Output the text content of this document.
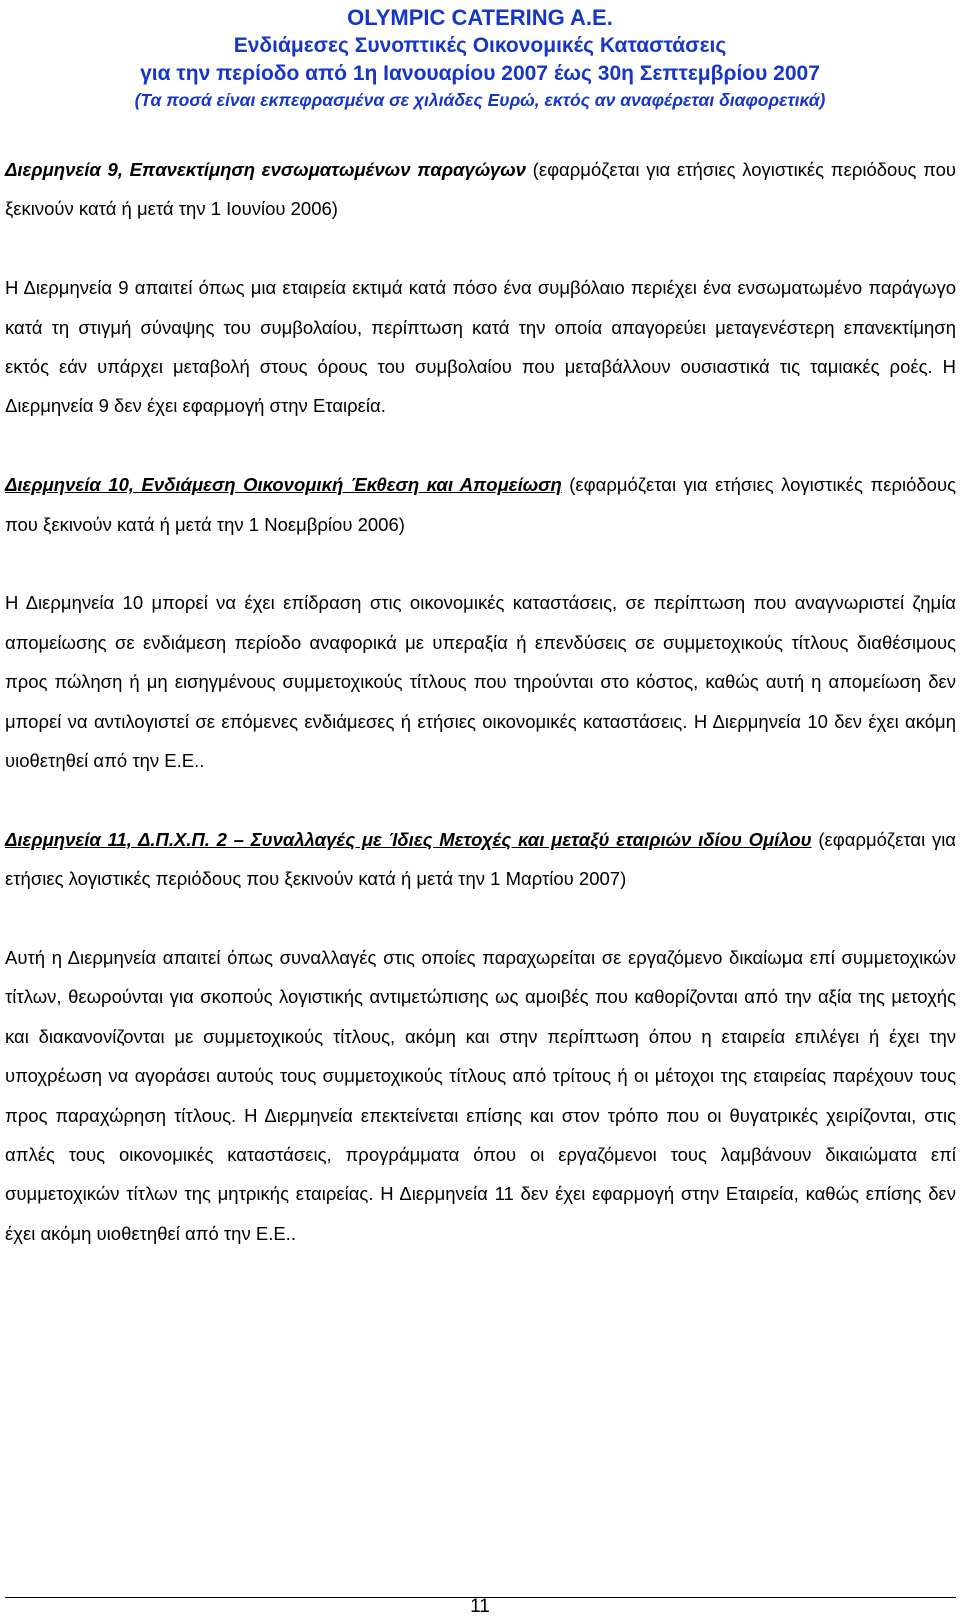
OLYMPIC CATERING A.E.
Ενδιάμεσες Συνοπτικές Οικονομικές Καταστάσεις
για την περίοδο από 1η Ιανουαρίου 2007 έως 30η Σεπτεμβρίου 2007
(Τα ποσά είναι εκπεφρασμένα σε χιλιάδες Ευρώ, εκτός αν αναφέρεται διαφορετικά)

Διερμηνεία 9, Επανεκτίμηση ενσωματωμένων παραγώγων (εφαρμόζεται για ετήσιες λογιστικές περιόδους που ξεκινούν κατά ή μετά την 1 Ιουνίου 2006)

Η Διερμηνεία 9 απαιτεί όπως μια εταιρεία εκτιμά κατά πόσο ένα συμβόλαιο περιέχει ένα ενσωματωμένο παράγωγο κατά τη στιγμή σύναψης του συμβολαίου, περίπτωση κατά την οποία απαγορεύει μεταγενέστερη επανεκτίμηση εκτός εάν υπάρχει μεταβολή στους όρους του συμβολαίου που μεταβάλλουν ουσιαστικά τις ταμιακές ροές. Η Διερμηνεία 9 δεν έχει εφαρμογή στην Εταιρεία.

Διερμηνεία 10, Ενδιάμεση Οικονομική Έκθεση και Απομείωση (εφαρμόζεται για ετήσιες λογιστικές περιόδους που ξεκινούν κατά ή μετά την 1 Νοεμβρίου 2006)

Η Διερμηνεία 10 μπορεί να έχει επίδραση στις οικονομικές καταστάσεις, σε περίπτωση που αναγνωριστεί ζημία απομείωσης σε ενδιάμεση περίοδο αναφορικά με υπεραξία ή επενδύσεις σε συμμετοχικούς τίτλους διαθέσιμους προς πώληση ή μη εισηγμένους συμμετοχικούς τίτλους που τηρούνται στο κόστος, καθώς αυτή η απομείωση δεν μπορεί να αντιλογιστεί σε επόμενες ενδιάμεσες ή ετήσιες οικονομικές καταστάσεις. Η Διερμηνεία 10 δεν έχει ακόμη υιοθετηθεί από την Ε.Ε..

Διερμηνεία 11, Δ.Π.Χ.Π. 2 – Συναλλαγές με Ίδιες Μετοχές και μεταξύ εταιριών ιδίου Ομίλου (εφαρμόζεται για ετήσιες λογιστικές περιόδους που ξεκινούν κατά ή μετά την 1 Μαρτίου 2007)

Αυτή η Διερμηνεία απαιτεί όπως συναλλαγές στις οποίες παραχωρείται σε εργαζόμενο δικαίωμα επί συμμετοχικών τίτλων, θεωρούνται για σκοπούς λογιστικής αντιμετώπισης ως αμοιβές που καθορίζονται από την αξία της μετοχής και διακανονίζονται με συμμετοχικούς τίτλους, ακόμη και στην περίπτωση όπου η εταιρεία επιλέγει ή έχει την υποχρέωση να αγοράσει αυτούς τους συμμετοχικούς τίτλους από τρίτους ή οι μέτοχοι της εταιρείας παρέχουν τους προς παραχώρηση τίτλους. Η Διερμηνεία επεκτείνεται επίσης και στον τρόπο που οι θυγατρικές χειρίζονται, στις απλές τους οικονομικές καταστάσεις, προγράμματα όπου οι εργαζόμενοι τους λαμβάνουν δικαιώματα επί συμμετοχικών τίτλων της μητρικής εταιρείας. Η Διερμηνεία 11 δεν έχει εφαρμογή στην Εταιρεία, καθώς επίσης δεν έχει ακόμη υιοθετηθεί από την Ε.Ε..

11
